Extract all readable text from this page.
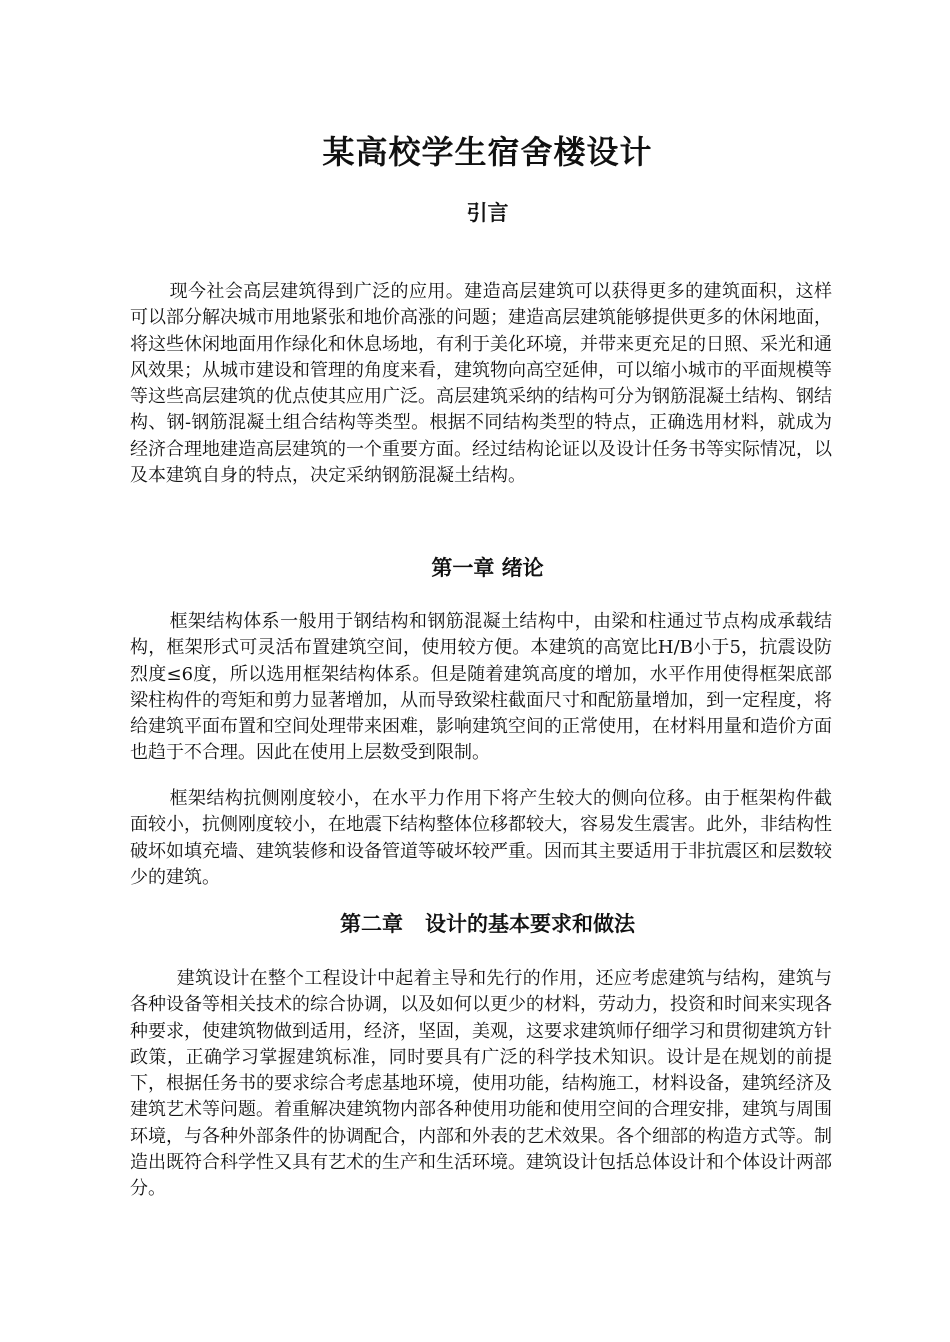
某高校学生宿舍楼设计
引言

现今社会高层建筑得到广泛的应用。建造高层建筑可以获得更多的建筑面积，这样可以部分解决城市用地紧张和地价高涨的问题；建造高层建筑能够提供更多的休闲地面，将这些休闲地面用作绿化和休息场地，有利于美化环境，并带来更充足的日照、采光和通风效果；从城市建设和管理的角度来看，建筑物向高空延伸，可以缩小城市的平面规模等等这些高层建筑的优点使其应用广泛。高层建筑采纳的结构可分为钢筋混凝土结构、钢结构、钢-钢筋混凝土组合结构等类型。根据不同结构类型的特点，正确选用材料，就成为经济合理地建造高层建筑的一个重要方面。经过结构论证以及设计任务书等实际情况，以及本建筑自身的特点，决定采纳钢筋混凝土结构。

第一章 绪论

框架结构体系一般用于钢结构和钢筋混凝土结构中，由梁和柱通过节点构成承载结构，框架形式可灵活布置建筑空间，使用较方便。本建筑的高宽比H/B小于5，抗震设防烈度≤6度，所以选用框架结构体系。但是随着建筑高度的增加，水平作用使得框架底部梁柱构件的弯矩和剪力显著增加，从而导致梁柱截面尺寸和配筋量增加，到一定程度，将给建筑平面布置和空间处理带来困难，影响建筑空间的正常使用，在材料用量和造价方面也趋于不合理。因此在使用上层数受到限制。

框架结构抗侧刚度较小，在水平力作用下将产生较大的侧向位移。由于框架构件截面较小，抗侧刚度较小，在地震下结构整体位移都较大，容易发生震害。此外，非结构性破坏如填充墙、建筑装修和设备管道等破坏较严重。因而其主要适用于非抗震区和层数较少的建筑。

第二章   设计的基本要求和做法

建筑设计在整个工程设计中起着主导和先行的作用，还应考虑建筑与结构，建筑与各种设备等相关技术的综合协调，以及如何以更少的材料，劳动力，投资和时间来实现各种要求，使建筑物做到适用，经济，坚固，美观，这要求建筑师仔细学习和贯彻建筑方针政策，正确学习掌握建筑标准，同时要具有广泛的科学技术知识。设计是在规划的前提下，根据任务书的要求综合考虑基地环境，使用功能，结构施工，材料设备，建筑经济及建筑艺术等问题。着重解决建筑物内部各种使用功能和使用空间的合理安排，建筑与周围环境，与各种外部条件的协调配合，内部和外表的艺术效果。各个细部的构造方式等。制造出既符合科学性又具有艺术的生产和生活环境。建筑设计包括总体设计和个体设计两部分。
